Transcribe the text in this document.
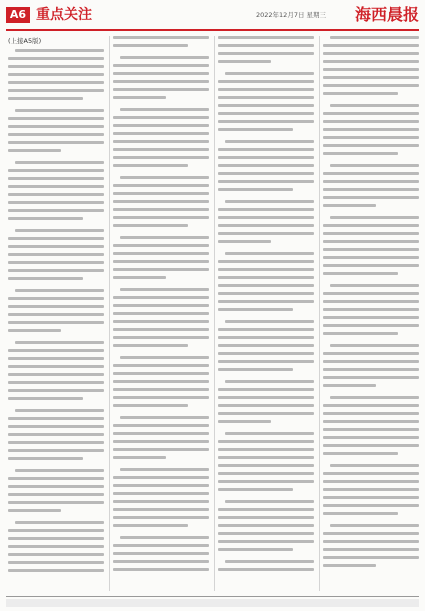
A6 重点关注	2022年12月7日 星期三 海西晨报
(上接A5版)
